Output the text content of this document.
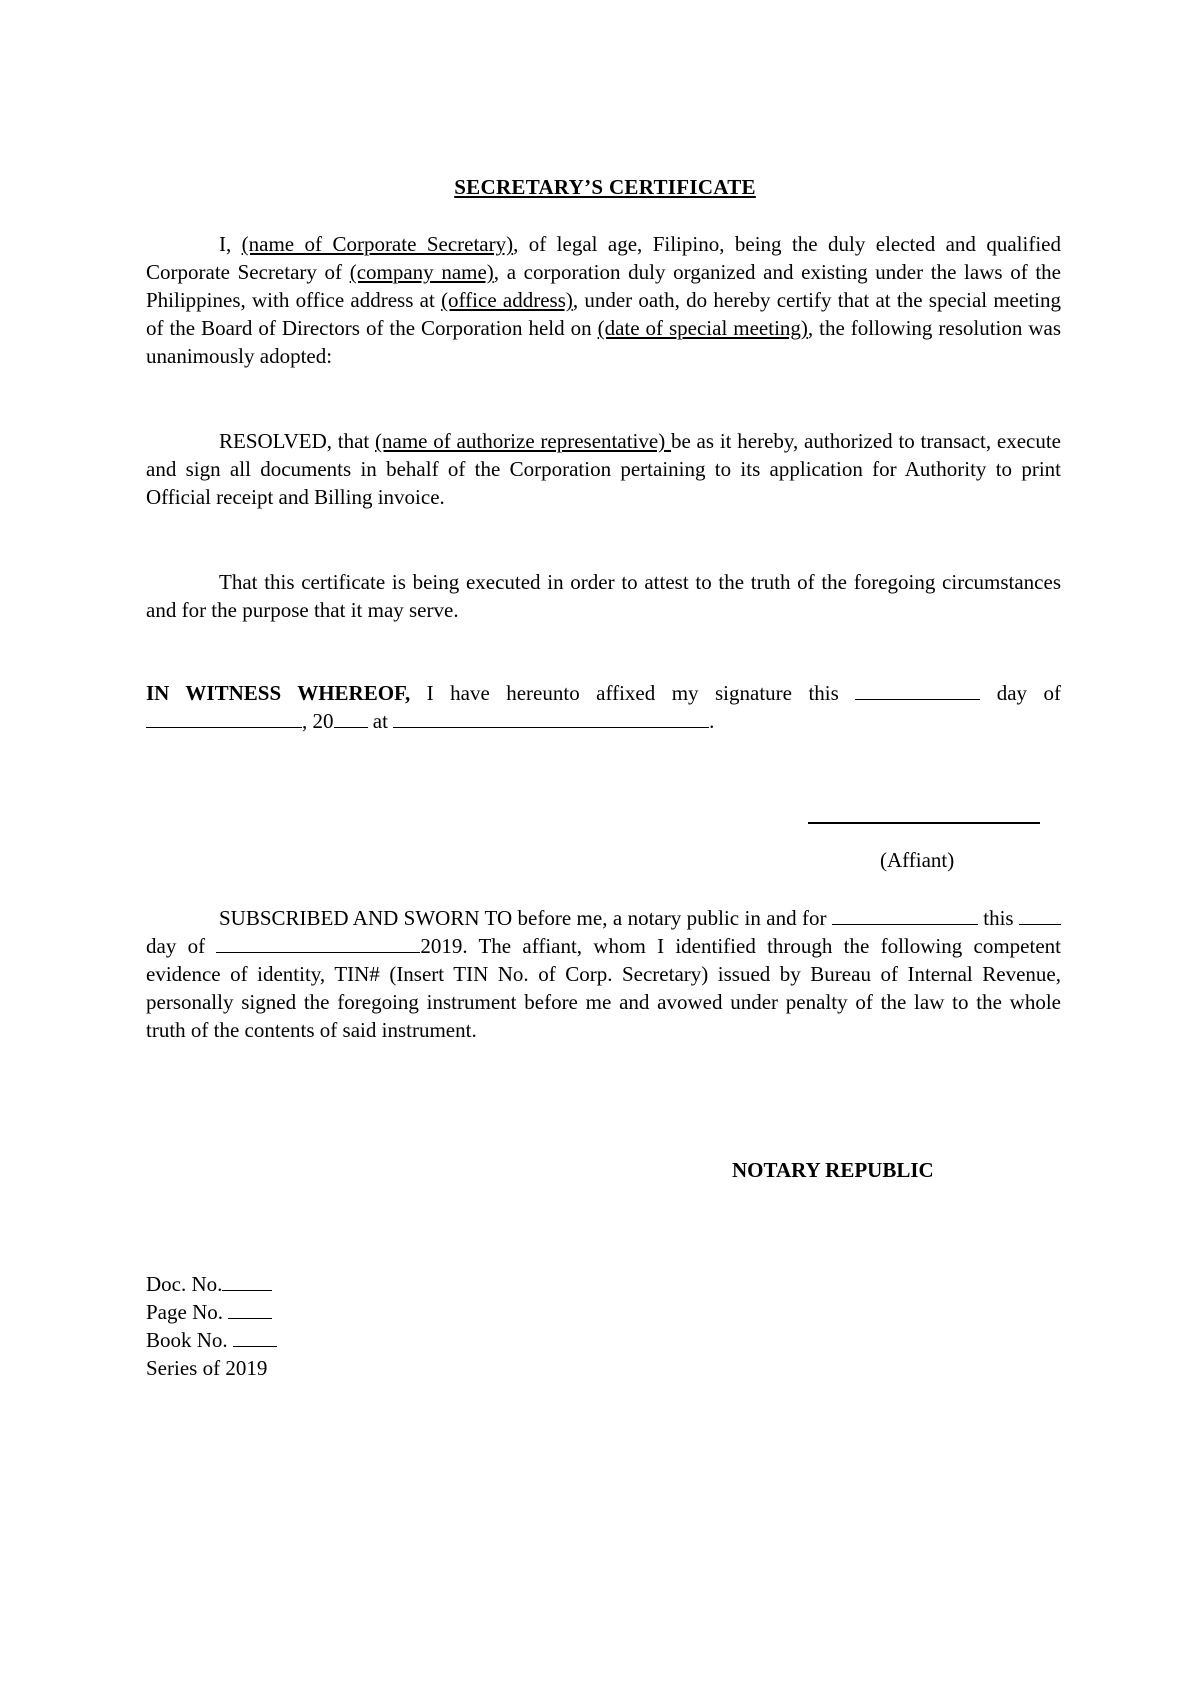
SECRETARY’S CERTIFICATE

I, (name of Corporate Secretary), of legal age, Filipino, being the duly elected and qualified Corporate Secretary of (company name), a corporation duly organized and existing under the laws of the Philippines, with office address at (office address), under oath, do hereby certify that at the special meeting of the Board of Directors of the Corporation held on (date of special meeting), the following resolution was unanimously adopted:

RESOLVED, that (name of authorize representative) be as it hereby, authorized to transact, execute and sign all documents in behalf of the Corporation pertaining to its application for Authority to print Official receipt and Billing invoice.

That this certificate is being executed in order to attest to the truth of the foregoing circumstances and for the purpose that it may serve.

IN WITNESS WHEREOF, I have hereunto affixed my signature this	day of , 20 at	.

(Affiant)

SUBSCRIBED AND SWORN TO before me, a notary public in and for	this day of	2019. The affiant, whom I identified through the following competent evidence of identity, TIN# (Insert TIN No. of Corp. Secretary) issued by Bureau of Internal Revenue, personally signed the foregoing instrument before me and avowed under penalty of the law to the whole truth of the contents of said instrument.

NOTARY REPUBLIC
Doc. No.
Page No.
Book No.
Series of 2019
